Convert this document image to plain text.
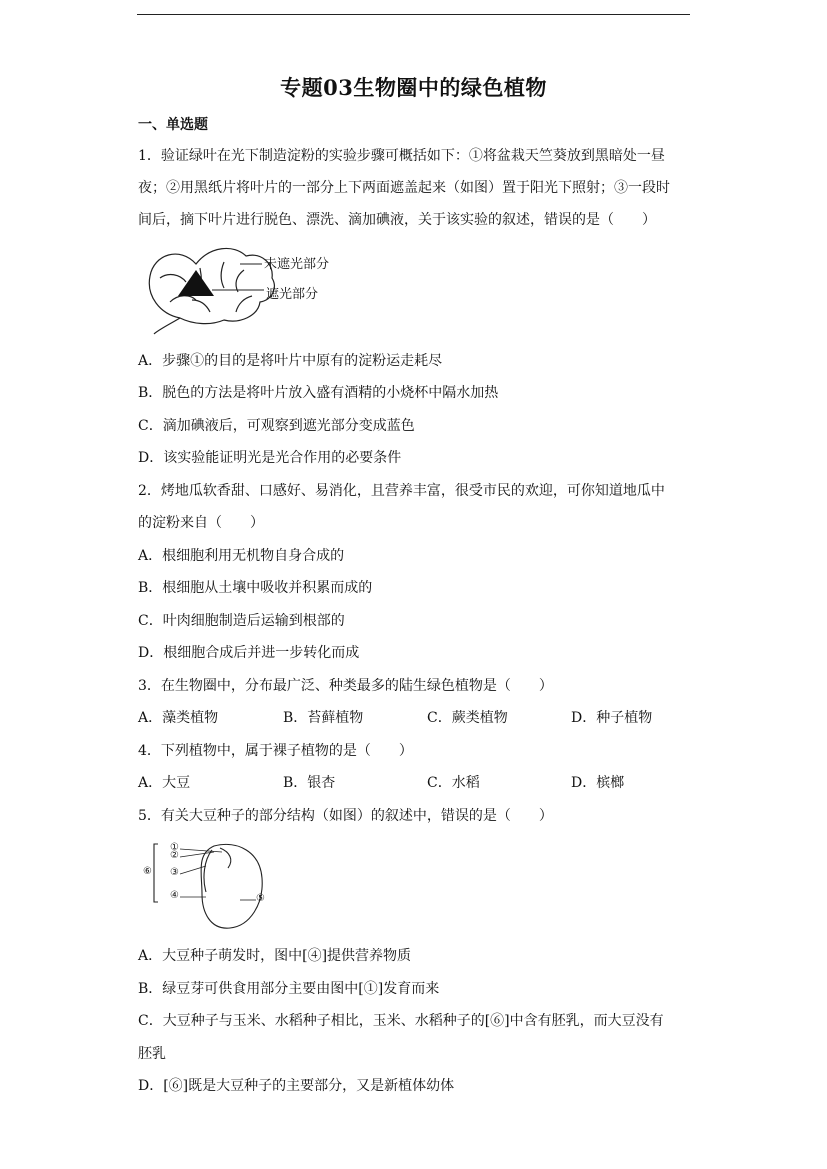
专题03生物圈中的绿色植物
一、单选题
1．验证绿叶在光下制造淀粉的实验步骤可概括如下：①将盆栽天竺葵放到黑暗处一昼
夜；②用黑纸片将叶片的一部分上下两面遮盖起来（如图）置于阳光下照射；③一段时
间后，摘下叶片进行脱色、漂洗、滴加碘液，关于该实验的叙述，错误的是（　　）
未遮光部分
遮光部分
A．步骤①的目的是将叶片中原有的淀粉运走耗尽
B．脱色的方法是将叶片放入盛有酒精的小烧杯中隔水加热
C．滴加碘液后，可观察到遮光部分变成蓝色
D．该实验能证明光是光合作用的必要条件
2．烤地瓜软香甜、口感好、易消化，且营养丰富，很受市民的欢迎，可你知道地瓜中
的淀粉来自（　　）
A．根细胞利用无机物自身合成的
B．根细胞从土壤中吸收并积累而成的
C．叶肉细胞制造后运输到根部的
D．根细胞合成后并进一步转化而成
3．在生物圈中，分布最广泛、种类最多的陆生绿色植物是（　　）
A．藻类植物	B．苔藓植物	C．蕨类植物	D．种子植物
4．下列植物中，属于裸子植物的是（　　）
A．大豆	B．银杏	C．水稻	D．槟榔
5．有关大豆种子的部分结构（如图）的叙述中，错误的是（　　）
①
②
③
④	⑤
⑥
A．大豆种子萌发时，图中[④]提供营养物质
B．绿豆芽可供食用部分主要由图中[①]发育而来
C．大豆种子与玉米、水稻种子相比，玉米、水稻种子的[⑥]中含有胚乳，而大豆没有
胚乳
D．[⑥]既是大豆种子的主要部分，又是新植体幼体
